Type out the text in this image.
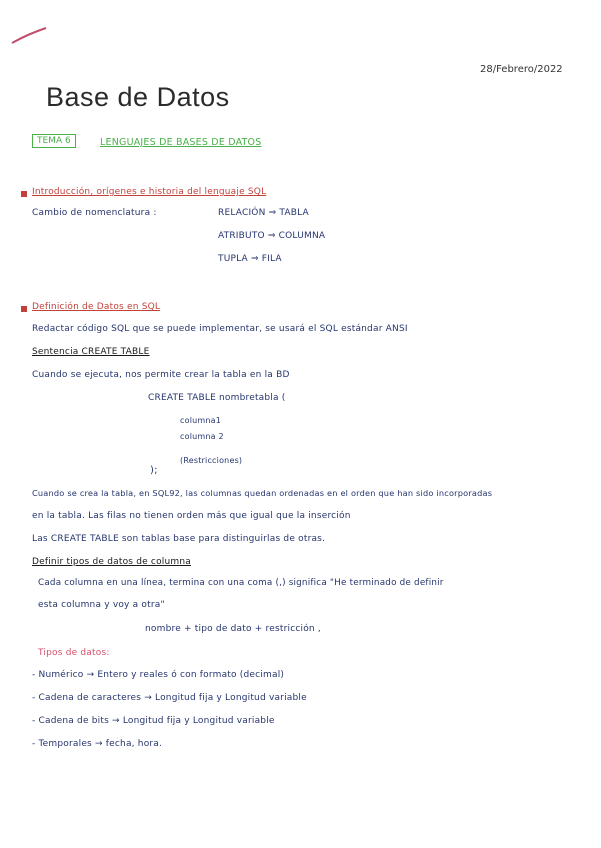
28/Febrero/2022
Base de Datos
TEMA 6	LENGUAJES DE BASES DE DATOS
Introducción, orígenes e historia del lenguaje SQL
Cambio de nomenclatura :	RELACIÓN ⇒ TABLA
ATRIBUTO ⇒ COLUMNA
TUPLA ⇒ FILA
Definición de Datos en SQL
Redactar código SQL que se puede implementar, se usará el SQL estándar ANSI
Sentencia CREATE TABLE
Cuando se ejecuta, nos permite crear la tabla en la BD
CREATE TABLE nombretabla (
columna1
columna 2
(Restricciones)
);
Cuando se crea la tabla, en SQL92, las columnas quedan ordenadas en el orden que han sido incorporadas
en la tabla. Las filas no tienen orden más que igual que la inserción
Las CREATE TABLE son tablas base para distinguirlas de otras.
Definir tipos de datos de columna
Cada columna en una línea, termina con una coma (,) significa "He terminado de definir
esta columna y voy a otra"
nombre + tipo de dato + restricción ,
Tipos de datos:
- Numérico → Entero y reales ó con formato (decimal)
- Cadena de caracteres → Longitud fija y Longitud variable
- Cadena de bits → Longitud fija y Longitud variable
- Temporales → fecha, hora.
